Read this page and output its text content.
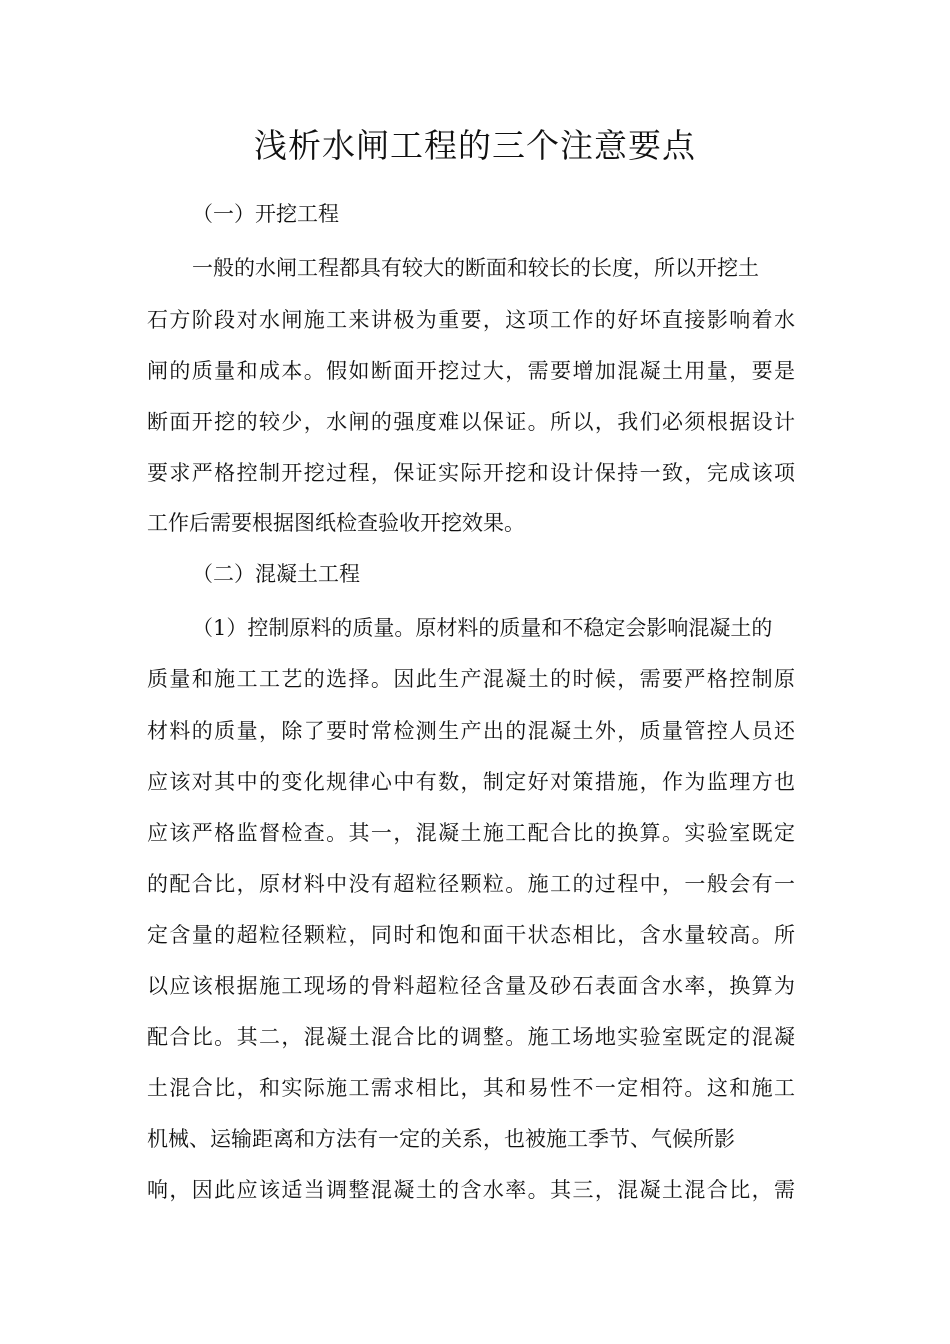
浅析水闸工程的三个注意要点

（一）开挖工程

一般的水闸工程都具有较大的断面和较长的长度，所以开挖土

石方阶段对水闸施工来讲极为重要，这项工作的好坏直接影响着水

闸的质量和成本。假如断面开挖过大，需要增加混凝土用量，要是

断面开挖的较少，水闸的强度难以保证。所以，我们必须根据设计

要求严格控制开挖过程，保证实际开挖和设计保持一致，完成该项

工作后需要根据图纸检查验收开挖效果。

（二）混凝土工程

（1）控制原料的质量。原材料的质量和不稳定会影响混凝土的

质量和施工工艺的选择。因此生产混凝土的时候，需要严格控制原

材料的质量，除了要时常检测生产出的混凝土外，质量管控人员还

应该对其中的变化规律心中有数，制定好对策措施，作为监理方也

应该严格监督检查。其一，混凝土施工配合比的换算。实验室既定

的配合比，原材料中没有超粒径颗粒。施工的过程中，一般会有一

定含量的超粒径颗粒，同时和饱和面干状态相比，含水量较高。所

以应该根据施工现场的骨料超粒径含量及砂石表面含水率，换算为

配合比。其二，混凝土混合比的调整。施工场地实验室既定的混凝

土混合比，和实际施工需求相比，其和易性不一定相符。这和施工

机械、运输距离和方法有一定的关系，也被施工季节、气候所影

响，因此应该适当调整混凝土的含水率。其三，混凝土混合比，需
